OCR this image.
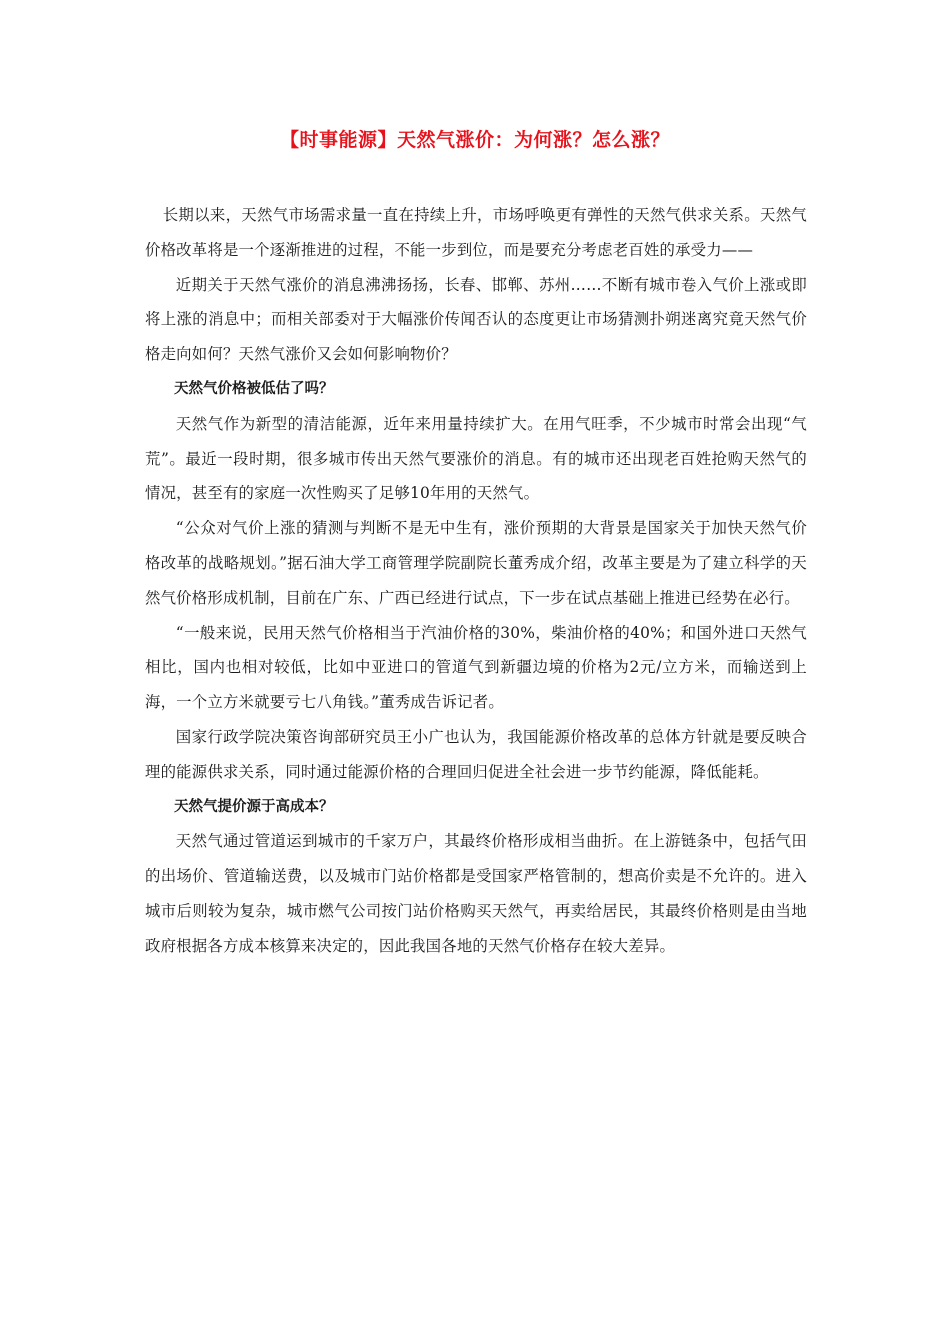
【时事能源】天然气涨价：为何涨？怎么涨？

长期以来，天然气市场需求量一直在持续上升，市场呼唤更有弹性的天然气供求关系。天然气价格改革将是一个逐渐推进的过程，不能一步到位，而是要充分考虑老百姓的承受力——

近期关于天然气涨价的消息沸沸扬扬，长春、邯郸、苏州……不断有城市卷入气价上涨或即将上涨的消息中；而相关部委对于大幅涨价传闻否认的态度更让市场猜测扑朔迷离究竟天然气价格走向如何？天然气涨价又会如何影响物价？

天然气价格被低估了吗？

天然气作为新型的清洁能源，近年来用量持续扩大。在用气旺季，不少城市时常会出现“气荒”。最近一段时期，很多城市传出天然气要涨价的消息。有的城市还出现老百姓抢购天然气的情况，甚至有的家庭一次性购买了足够10年用的天然气。

“公众对气价上涨的猜测与判断不是无中生有，涨价预期的大背景是国家关于加快天然气价格改革的战略规划。”据石油大学工商管理学院副院长董秀成介绍，改革主要是为了建立科学的天然气价格形成机制，目前在广东、广西已经进行试点，下一步在试点基础上推进已经势在必行。

“一般来说，民用天然气价格相当于汽油价格的30%，柴油价格的40%；和国外进口天然气相比，国内也相对较低，比如中亚进口的管道气到新疆边境的价格为2元/立方米，而输送到上海，一个立方米就要亏七八角钱。”董秀成告诉记者。

国家行政学院决策咨询部研究员王小广也认为，我国能源价格改革的总体方针就是要反映合理的能源供求关系，同时通过能源价格的合理回归促进全社会进一步节约能源，降低能耗。

天然气提价源于高成本？

天然气通过管道运到城市的千家万户，其最终价格形成相当曲折。在上游链条中，包括气田的出场价、管道输送费，以及城市门站价格都是受国家严格管制的，想高价卖是不允许的。进入城市后则较为复杂，城市燃气公司按门站价格购买天然气，再卖给居民，其最终价格则是由当地政府根据各方成本核算来决定的，因此我国各地的天然气价格存在较大差异。
